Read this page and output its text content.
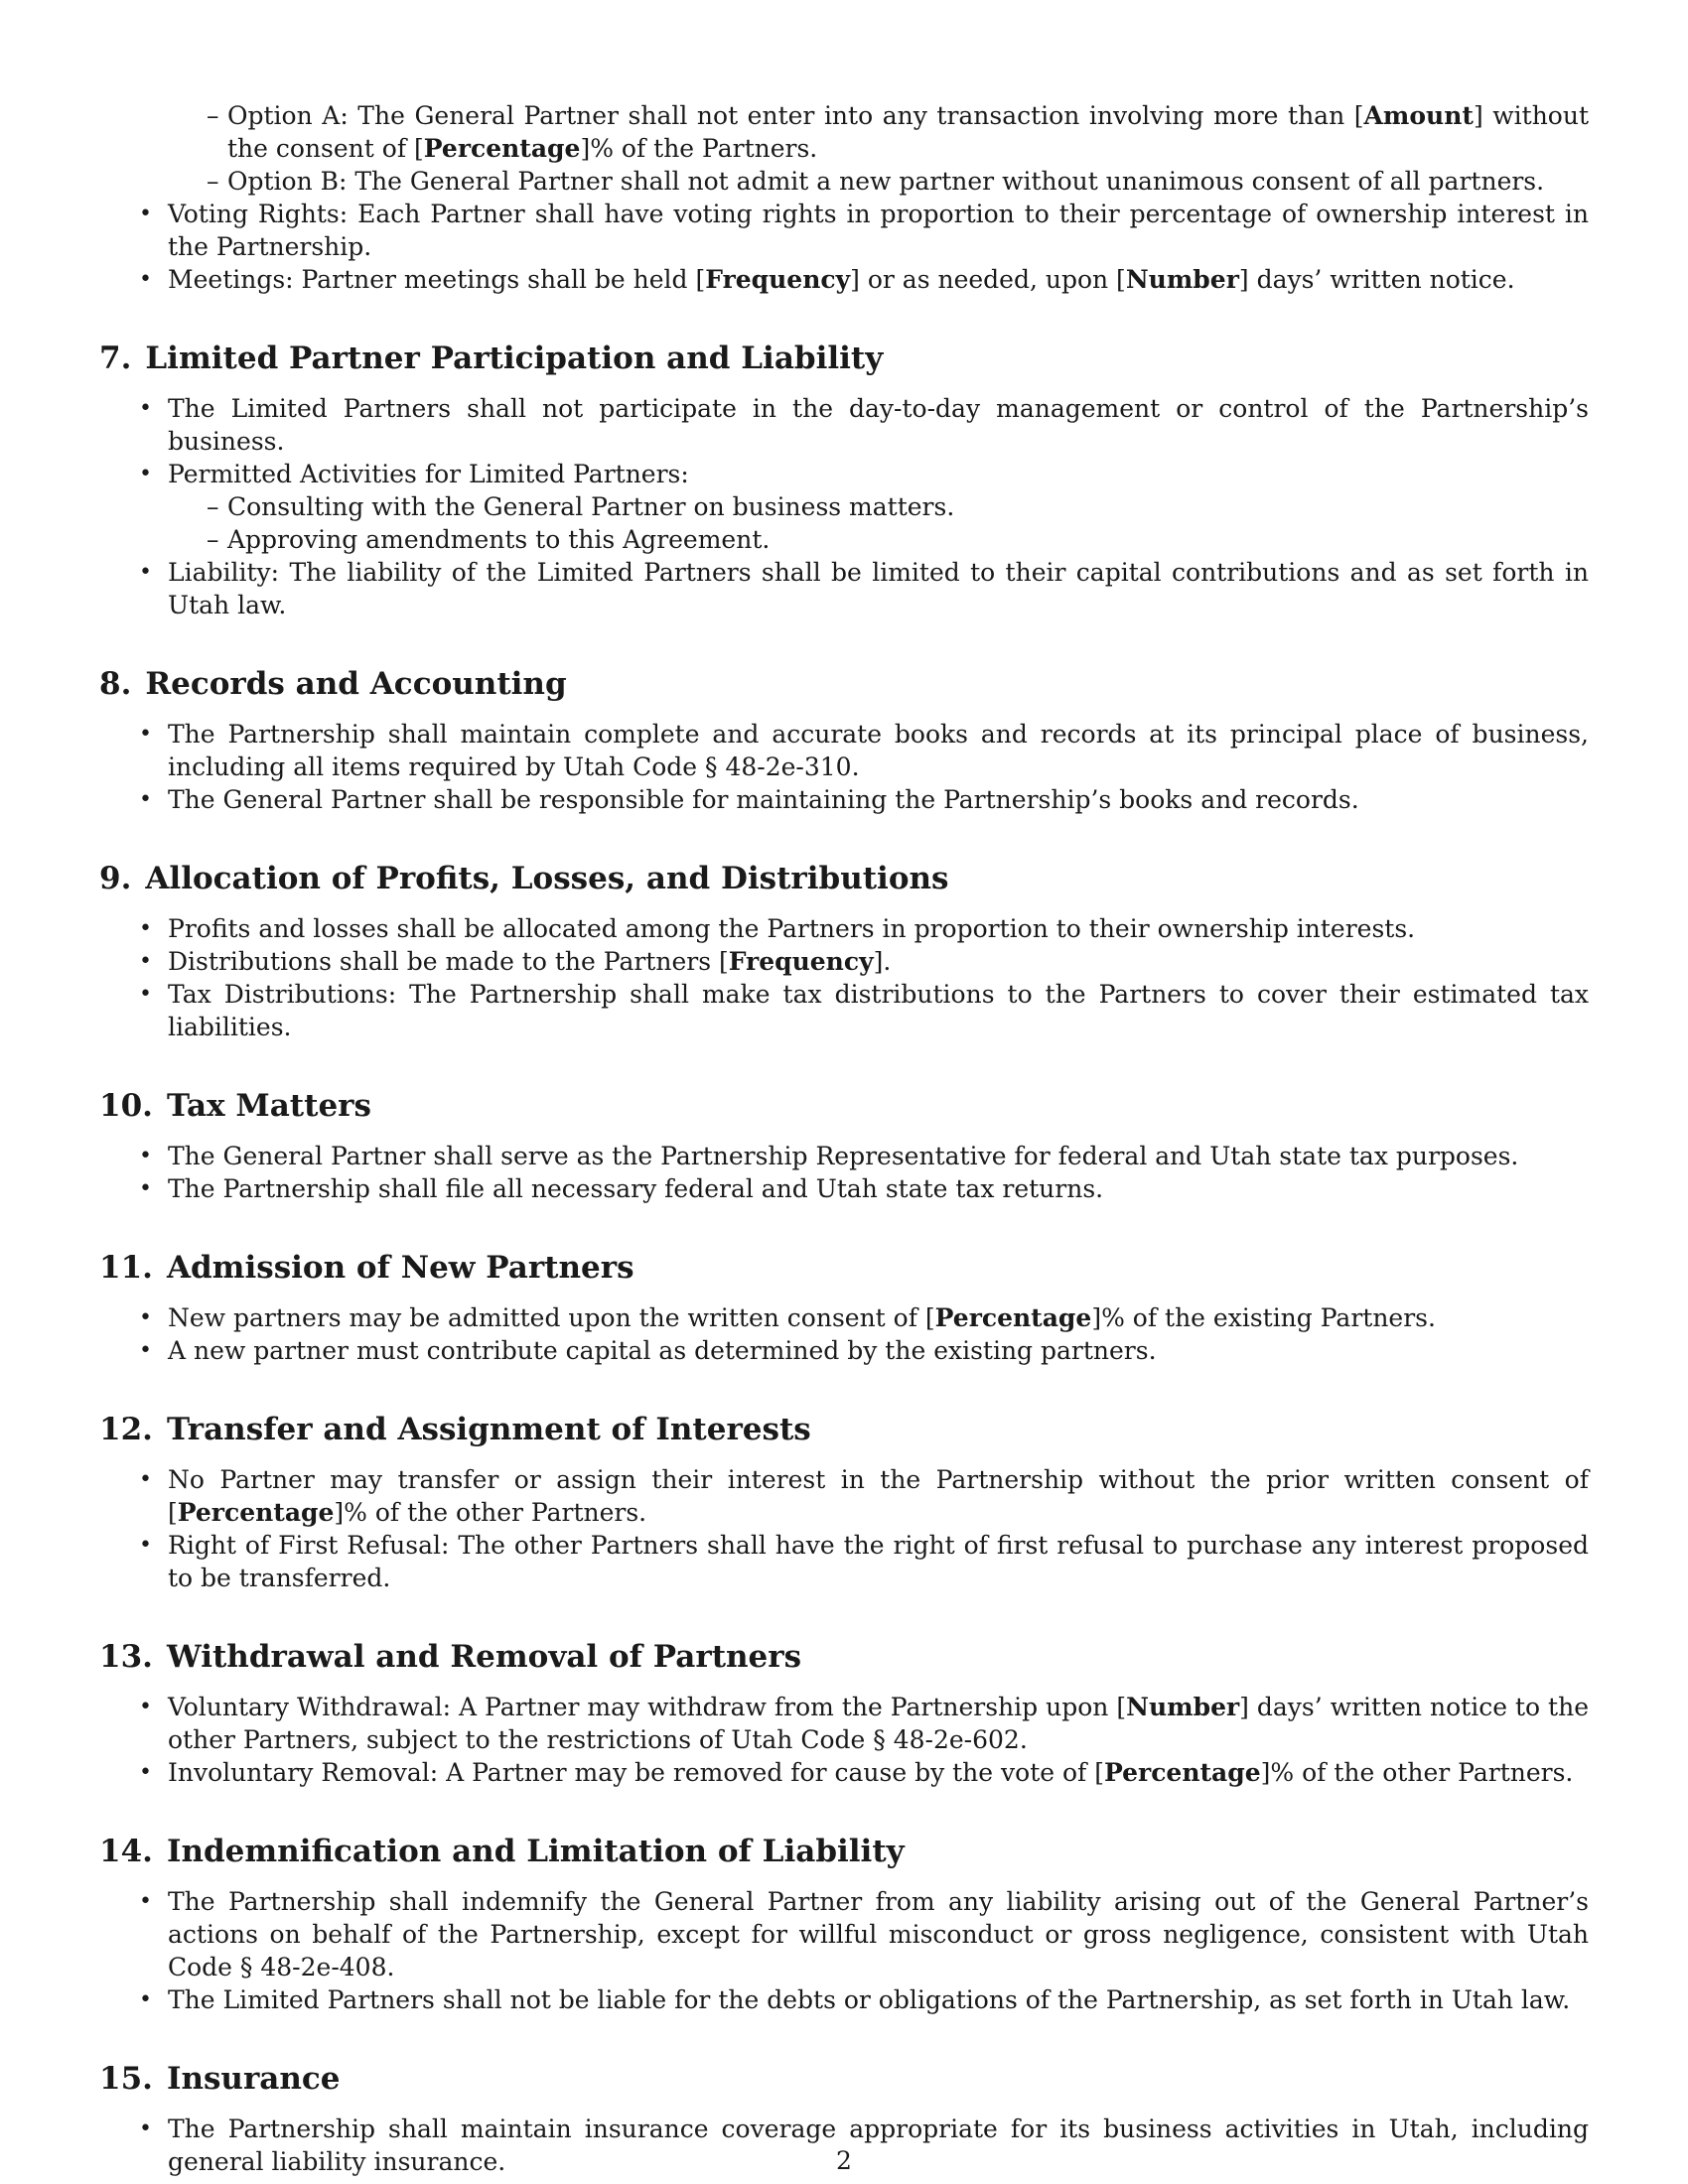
– Option A: The General Partner shall not enter into any transaction involving more than [Amount] without the consent of [Percentage]% of the Partners.
– Option B: The General Partner shall not admit a new partner without unanimous consent of all partners.
• Voting Rights: Each Partner shall have voting rights in proportion to their percentage of ownership interest in the Partnership.
• Meetings: Partner meetings shall be held [Frequency] or as needed, upon [Number] days’ written notice.
7. Limited Partner Participation and Liability
• The Limited Partners shall not participate in the day-to-day management or control of the Partnership’s business.
• Permitted Activities for Limited Partners:
– Consulting with the General Partner on business matters.
– Approving amendments to this Agreement.
• Liability: The liability of the Limited Partners shall be limited to their capital contributions and as set forth in Utah law.
8. Records and Accounting
• The Partnership shall maintain complete and accurate books and records at its principal place of business, including all items required by Utah Code § 48-2e-310.
• The General Partner shall be responsible for maintaining the Partnership’s books and records.
9. Allocation of Profits, Losses, and Distributions
• Profits and losses shall be allocated among the Partners in proportion to their ownership interests.
• Distributions shall be made to the Partners [Frequency].
• Tax Distributions: The Partnership shall make tax distributions to the Partners to cover their estimated tax liabilities.
10. Tax Matters
• The General Partner shall serve as the Partnership Representative for federal and Utah state tax purposes.
• The Partnership shall file all necessary federal and Utah state tax returns.
11. Admission of New Partners
• New partners may be admitted upon the written consent of [Percentage]% of the existing Partners.
• A new partner must contribute capital as determined by the existing partners.
12. Transfer and Assignment of Interests
• No Partner may transfer or assign their interest in the Partnership without the prior written consent of [Percentage]% of the other Partners.
• Right of First Refusal: The other Partners shall have the right of first refusal to purchase any interest proposed to be transferred.
13. Withdrawal and Removal of Partners
• Voluntary Withdrawal: A Partner may withdraw from the Partnership upon [Number] days’ written notice to the other Partners, subject to the restrictions of Utah Code § 48-2e-602.
• Involuntary Removal: A Partner may be removed for cause by the vote of [Percentage]% of the other Partners.
14. Indemnification and Limitation of Liability
• The Partnership shall indemnify the General Partner from any liability arising out of the General Partner’s actions on behalf of the Partnership, except for willful misconduct or gross negligence, consistent with Utah Code § 48-2e-408.
• The Limited Partners shall not be liable for the debts or obligations of the Partnership, as set forth in Utah law.
15. Insurance
• The Partnership shall maintain insurance coverage appropriate for its business activities in Utah, including general liability insurance.	2
